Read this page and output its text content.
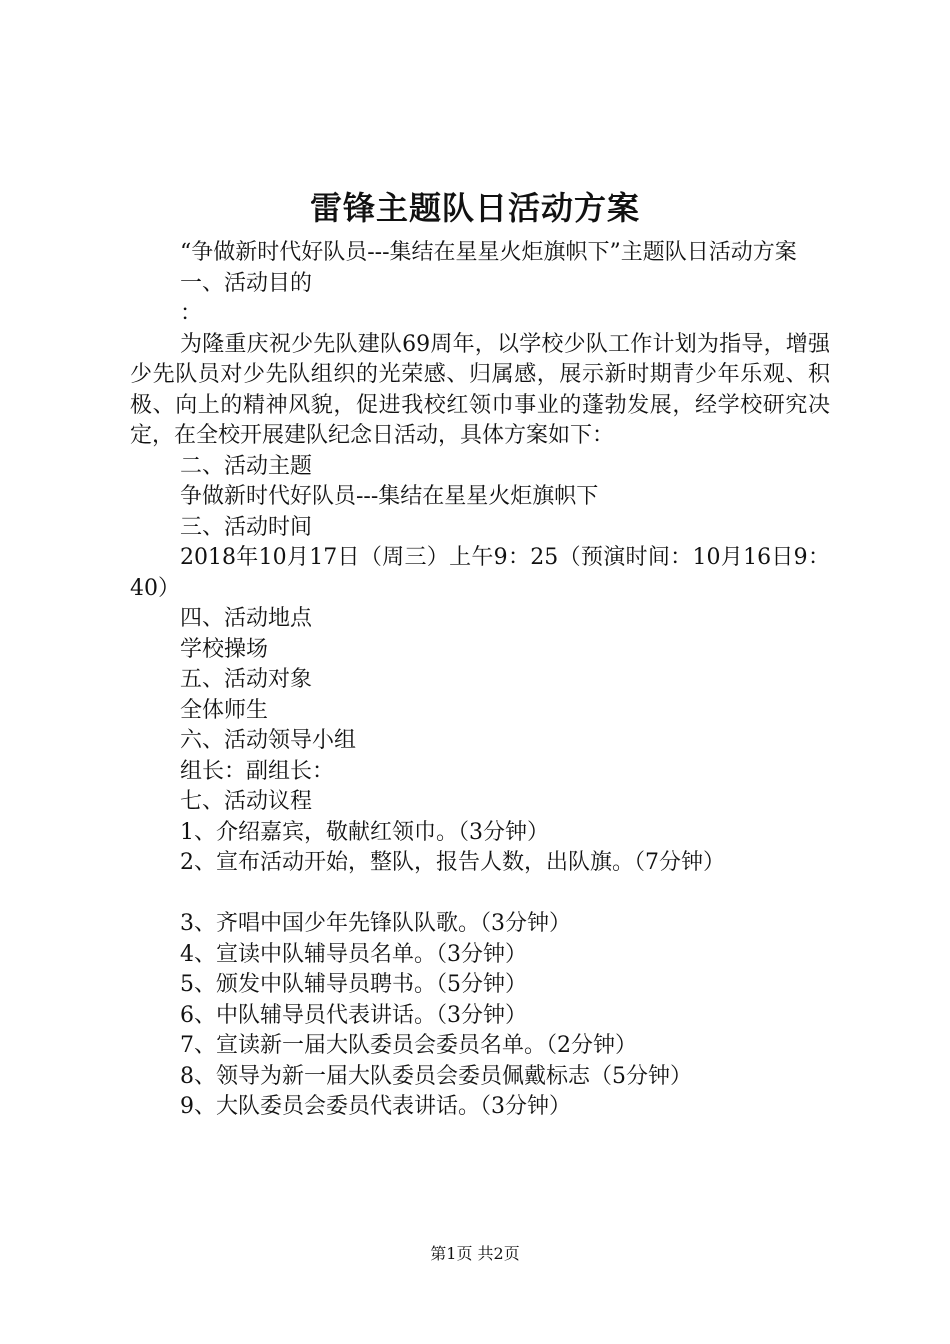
雷锋主题队日活动方案

“争做新时代好队员---集结在星星火炬旗帜下”主题队日活动方案

一、活动目的

：

为隆重庆祝少先队建队69周年，以学校少队工作计划为指导，增强少先队员对少先队组织的光荣感、归属感，展示新时期青少年乐观、积极、向上的精神风貌，促进我校红领巾事业的蓬勃发展，经学校研究决定，在全校开展建队纪念日活动，具体方案如下：

二、活动主题

争做新时代好队员---集结在星星火炬旗帜下

三、活动时间

2018年10月17日（周三）上午9：25（预演时间：10月16日9：40）

四、活动地点

学校操场

五、活动对象

全体师生

六、活动领导小组

组长：副组长：

七、活动议程

1、介绍嘉宾，敬献红领巾。（3分钟）

2、宣布活动开始，整队，报告人数，出队旗。（7分钟）

3、齐唱中国少年先锋队队歌。（3分钟）

4、宣读中队辅导员名单。（3分钟）

5、颁发中队辅导员聘书。（5分钟）

6、中队辅导员代表讲话。（3分钟）

7、宣读新一届大队委员会委员名单。（2分钟）

8、领导为新一届大队委员会委员佩戴标志（5分钟）

9、大队委员会委员代表讲话。（3分钟）

第1页 共2页
